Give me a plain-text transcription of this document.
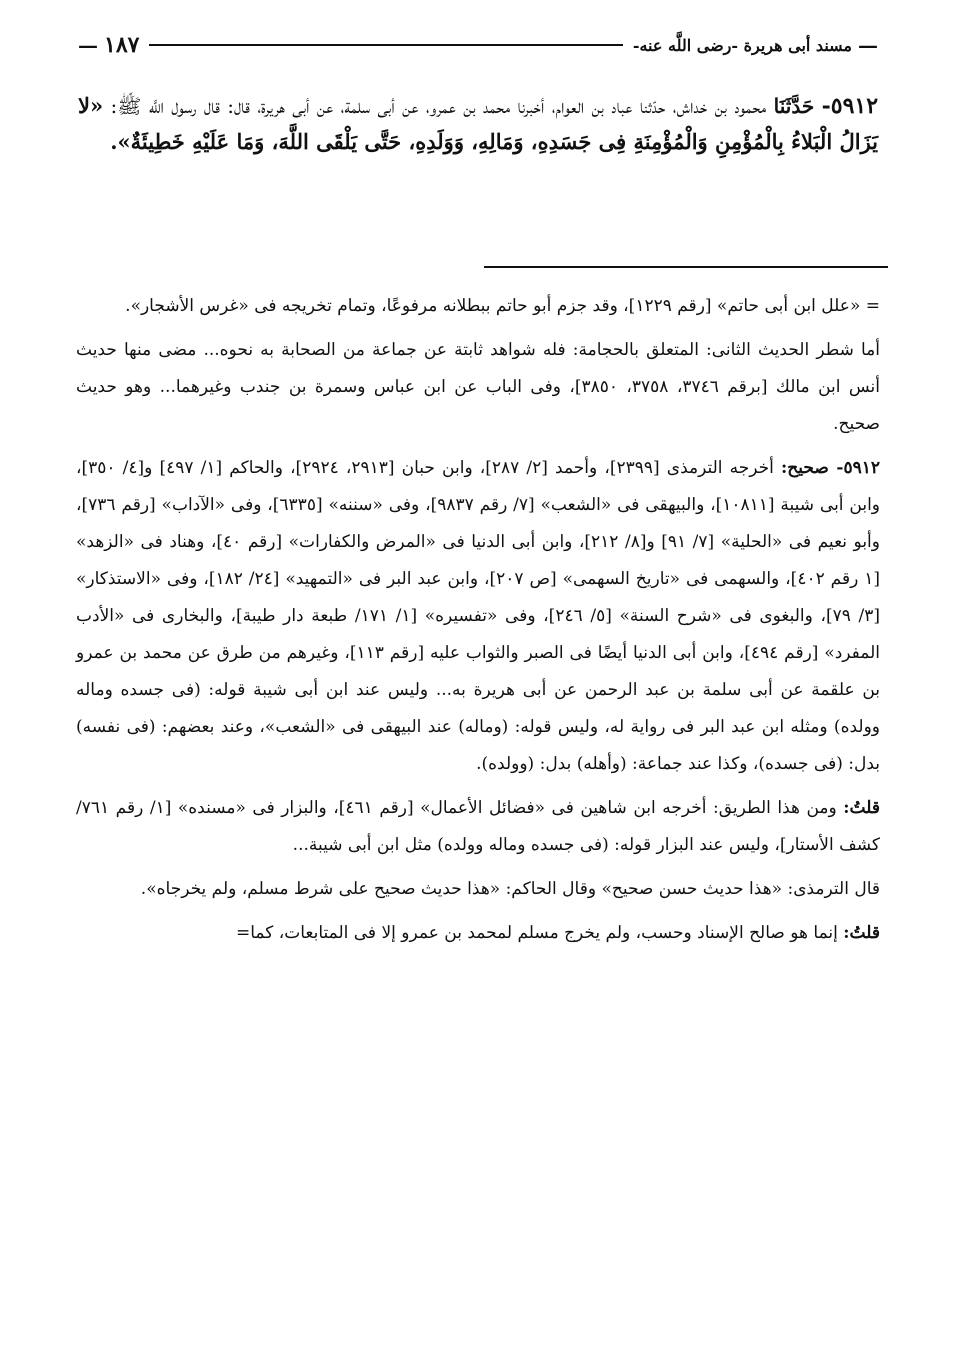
—
مسند أبى هريرة -رضى اللَّه عنه-
١٨٧
—
٥٩١٢- حَدَّثَنَا محمود بن خداش، حدّثنا عباد بن العوام، أخبرنا محمد بن عمرو، عن أبى سلمة، عن أبى هريرة، قال: قال رسول اللَّه ﷺ: «لا يَزَالُ الْبَلاءُ بِالْمُؤْمِنِ وَالْمُؤْمِنَةِ فِى جَسَدِهِ، وَمَالِهِ، وَوَلَدِهِ، حَتَّى يَلْقَى اللَّهَ، وَمَا عَلَيْهِ خَطِيئَةٌ».

= «علل ابن أبى حاتم» [رقم ١٢٢٩]، وقد جزم أبو حاتم ببطلانه مرفوعًا، وتمام تخريجه فى «غرس الأشجار».

أما شطر الحديث الثانى: المتعلق بالحجامة: فله شواهد ثابتة عن جماعة من الصحابة به نحوه... مضى منها حديث أنس ابن مالك [برقم ٣٧٤٦، ٣٧٥٨، ٣٨٥٠]، وفى الباب عن ابن عباس وسمرة بن جندب وغيرهما... وهو حديث صحيح.

٥٩١٢- صحيح: أخرجه الترمذى [٢٣٩٩]، وأحمد [٢/ ٢٨٧]، وابن حبان [٢٩١٣، ٢٩٢٤]، والحاكم [١/ ٤٩٧] و[٤/ ٣٥٠]، وابن أبى شيبة [١٠٨١١]، والبيهقى فى «الشعب» [٧/ رقم ٩٨٣٧]، وفى «سننه» [٦٣٣٥]، وفى «الآداب» [رقم ٧٣٦]، وأبو نعيم فى «الحلية» [٧/ ٩١] و[٨/ ٢١٢]، وابن أبى الدنيا فى «المرض والكفارات» [رقم ٤٠]، وهناد فى «الزهد» [١ رقم ٤٠٢]، والسهمى فى «تاريخ السهمى» [ص ٢٠٧]، وابن عبد البر فى «التمهيد» [٢٤/ ١٨٢]، وفى «الاستذكار» [٣/ ٧٩]، والبغوى فى «شرح السنة» [٥/ ٢٤٦]، وفى «تفسيره» [١/ ١٧١/ طبعة دار طيبة]، والبخارى فى «الأدب المفرد» [رقم ٤٩٤]، وابن أبى الدنيا أيضًا فى الصبر والثواب عليه [رقم ١١٣]، وغيرهم من طرق عن محمد بن عمرو بن علقمة عن أبى سلمة بن عبد الرحمن عن أبى هريرة به... وليس عند ابن أبى شيبة قوله: (فى جسده وماله وولده) ومثله ابن عبد البر فى رواية له، وليس قوله: (وماله) عند البيهقى فى «الشعب»، وعند بعضهم: (فى نفسه) بدل: (فى جسده)، وكذا عند جماعة: (وأهله) بدل: (وولده).

قلتُ: ومن هذا الطريق: أخرجه ابن شاهين فى «فضائل الأعمال» [رقم ٤٦١]، والبزار فى «مسنده» [١/ رقم ٧٦١/ كشف الأستار]، وليس عند البزار قوله: (فى جسده وماله وولده) مثل ابن أبى شيبة...

قال الترمذى: «هذا حديث حسن صحيح» وقال الحاكم: «هذا حديث صحيح على شرط مسلم، ولم يخرجاه».

قلتُ: إنما هو صالح الإسناد وحسب، ولم يخرج مسلم لمحمد بن عمرو إلا فى المتابعات، كما=
